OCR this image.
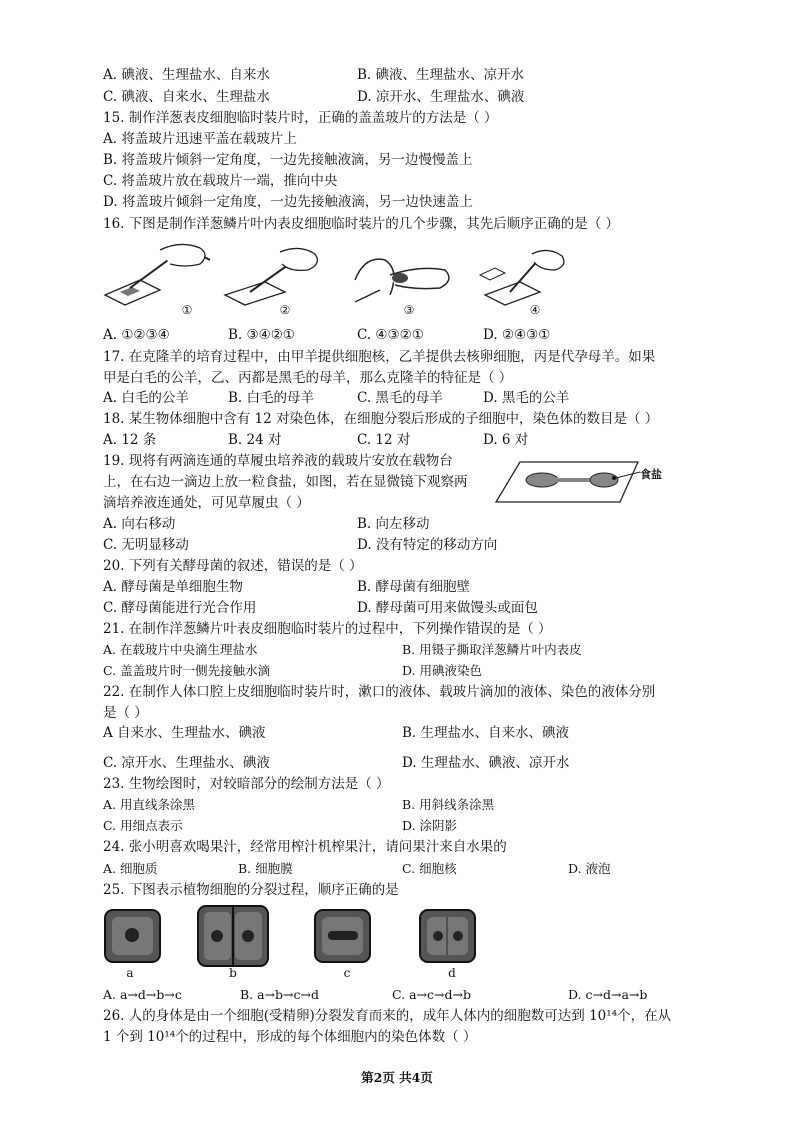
A. 碘液、生理盐水、自来水	B. 碘液、生理盐水、凉开水
C. 碘液、自来水、生理盐水	D. 凉开水、生理盐水、碘液
15. 制作洋葱表皮细胞临时装片时，正确的盖盖玻片的方法是（ ）
A. 将盖玻片迅速平盖在载玻片上
B. 将盖玻片倾斜一定角度，一边先接触液滴，另一边慢慢盖上
C. 将盖玻片放在载玻片一端，推向中央
D. 将盖玻片倾斜一定角度，一边先接触液滴，另一边快速盖上
16. 下图是制作洋葱鳞片叶内表皮细胞临时装片的几个步骤，其先后顺序正确的是（ ）
①	②	③	④
A. ①②③④	B. ③④②①	C. ④③②①	D. ②④③①
17. 在克隆羊的培育过程中，由甲羊提供细胞核，乙羊提供去核卵细胞，丙是代孕母羊。如果
甲是白毛的公羊，乙、丙都是黑毛的母羊，那么克隆羊的特征是（ ）
A. 白毛的公羊	B. 白毛的母羊	C. 黑毛的母羊	D. 黑毛的公羊
18. 某生物体细胞中含有 12 对染色体，在细胞分裂后形成的子细胞中，染色体的数目是（ ）
A. 12 条	B. 24 对	C. 12 对	D. 6 对
19. 现将有两滴连通的草履虫培养液的载玻片安放在载物台
上，在右边一滴边上放一粒食盐，如图，若在显微镜下观察两
滴培养液连通处，可见草履虫（ ）
食盐
A. 向右移动	B. 向左移动
C. 无明显移动	D. 没有特定的移动方向
20. 下列有关酵母菌的叙述，错误的是（ ）
A. 酵母菌是单细胞生物	B. 酵母菌有细胞壁
C. 酵母菌能进行光合作用	D. 酵母菌可用来做馒头或面包
21. 在制作洋葱鳞片叶表皮细胞临时装片的过程中，下列操作错误的是（ ）
A. 在载玻片中央滴生理盐水	B. 用镊子撕取洋葱鳞片叶内表皮
C. 盖盖玻片时一侧先接触水滴	D. 用碘液染色
22. 在制作人体口腔上皮细胞临时装片时，漱口的液体、载玻片滴加的液体、染色的液体分别
是（ ）
A 自来水、生理盐水、碘液	B. 生理盐水、自来水、碘液
C. 凉开水、生理盐水、碘液	D. 生理盐水、碘液、凉开水
23. 生物绘图时，对较暗部分的绘制方法是（ ）
A. 用直线条涂黑	B. 用斜线条涂黑
C. 用细点表示	D. 涂阴影
24. 张小明喜欢喝果汁，经常用榨汁机榨果汁，请问果汁来自水果的
A. 细胞质	B. 细胞膜	C. 细胞核	D. 液泡
25. 下图表示植物细胞的分裂过程，顺序正确的是
a	b	c	d
A. a→d→b→c	B. a→b→c→d	C. a→c→d→b	D. c→d→a→b
26. 人的身体是由一个细胞(受精卵)分裂发育而来的，成年人体内的细胞数可达到 10¹⁴个，在从
1 个到 10¹⁴个的过程中，形成的每个体细胞内的染色体数（ ）
第2页 共4页
